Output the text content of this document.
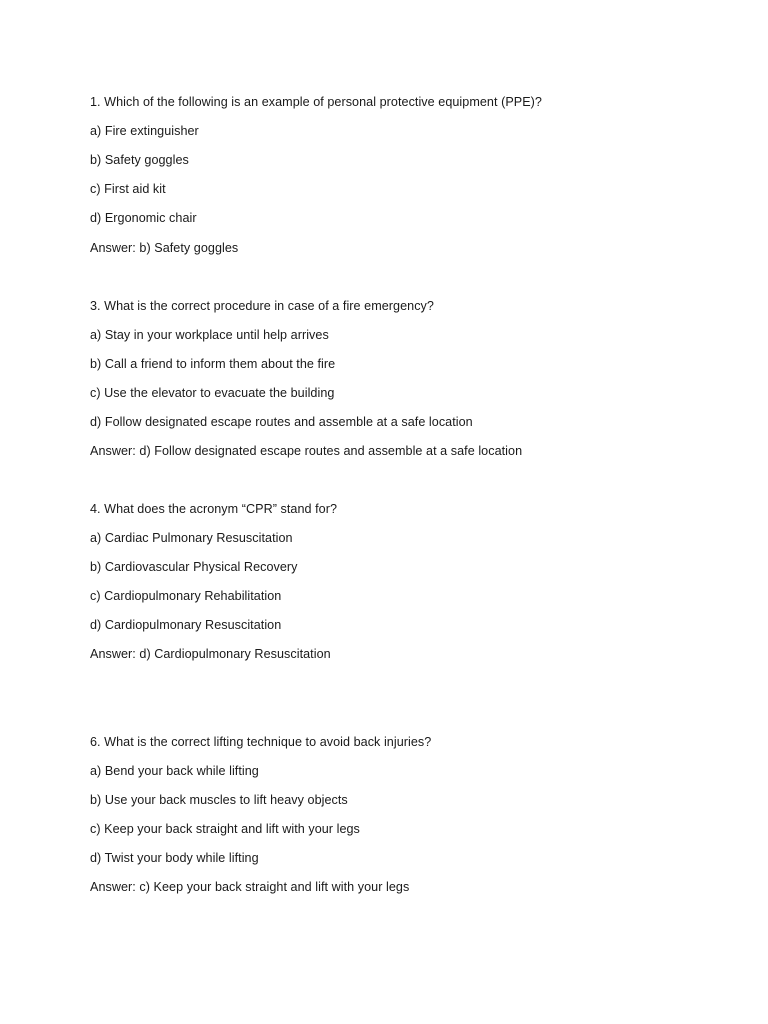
1. Which of the following is an example of personal protective equipment (PPE)?
a) Fire extinguisher
b) Safety goggles
c) First aid kit
d) Ergonomic chair
Answer: b) Safety goggles
3. What is the correct procedure in case of a fire emergency?
a) Stay in your workplace until help arrives
b) Call a friend to inform them about the fire
c) Use the elevator to evacuate the building
d) Follow designated escape routes and assemble at a safe location
Answer: d) Follow designated escape routes and assemble at a safe location
4. What does the acronym “CPR” stand for?
a) Cardiac Pulmonary Resuscitation
b) Cardiovascular Physical Recovery
c) Cardiopulmonary Rehabilitation
d) Cardiopulmonary Resuscitation
Answer: d) Cardiopulmonary Resuscitation
6. What is the correct lifting technique to avoid back injuries?
a) Bend your back while lifting
b) Use your back muscles to lift heavy objects
c) Keep your back straight and lift with your legs
d) Twist your body while lifting
Answer: c) Keep your back straight and lift with your legs
